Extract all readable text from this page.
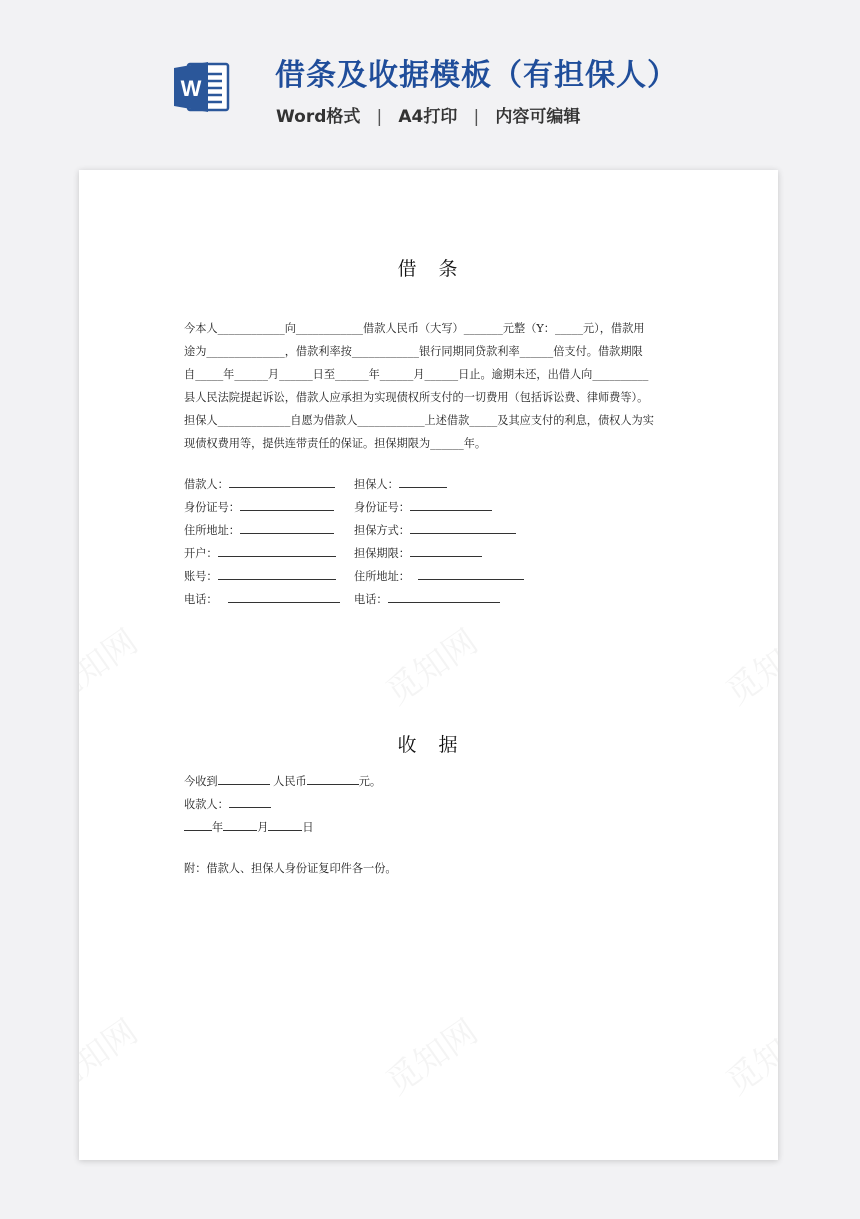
W 借条及收据模板（有担保人）
Word格式 | A4打印 | 内容可编辑
借 条

今本人____________向____________借款人民币（大写）_______元整（Y：_____元），借款用

途为______________，借款利率按____________银行同期同贷款利率______倍支付。借款期限

自_____年______月______日至______年______月______日止。逾期未还，出借人向__________

县人民法院提起诉讼，借款人应承担为实现债权所支付的一切费用（包括诉讼费、律师费等）。

担保人_____________自愿为借款人____________上述借款_____及其应支付的利息，债权人为实

现债权费用等，提供连带责任的保证。担保期限为______年。

借款人：	担保人：
身份证号：	身份证号：
住所地址：	担保方式：
开户：	担保期限：
账号：	住所地址：
电话：	电话：
收 据

今收到	人民币	元。

收款人：

年	月	日

附：借款人、担保人身份证复印件各一份。
